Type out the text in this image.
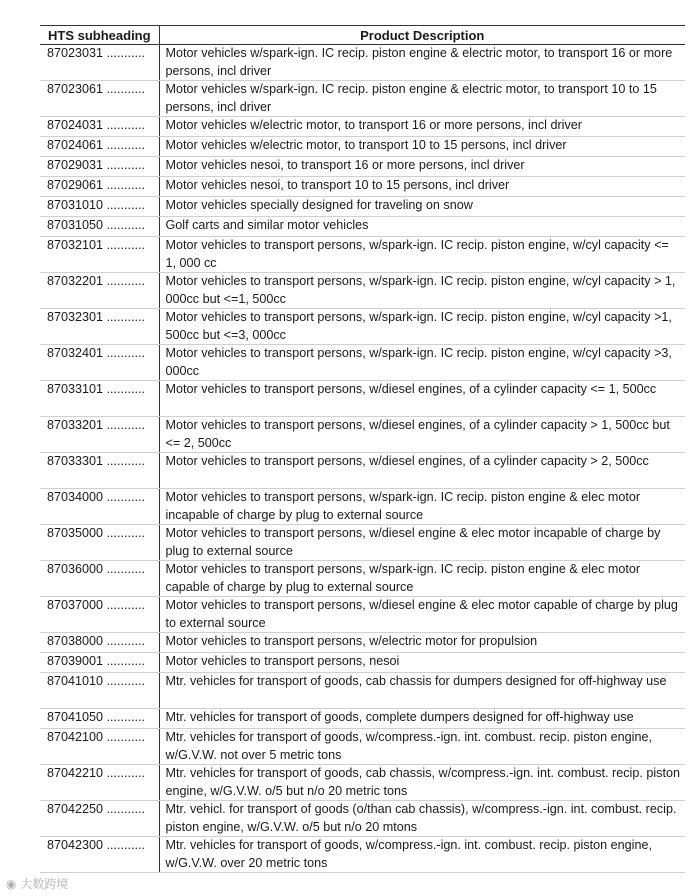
HTS subheading	Product Description
87023031 ...........	Motor vehicles w/spark-ign. IC recip. piston engine & electric motor, to transport 16 or more persons, incl driver
87023061 ...........	Motor vehicles w/spark-ign. IC recip. piston engine & electric motor, to transport 10 to 15 persons, incl driver
87024031 ...........	Motor vehicles w/electric motor, to transport 16 or more persons, incl driver
87024061 ...........	Motor vehicles w/electric motor, to transport 10 to 15 persons, incl driver
87029031 ...........	Motor vehicles nesoi, to transport 16 or more persons, incl driver
87029061 ...........	Motor vehicles nesoi, to transport 10 to 15 persons, incl driver
87031010 ...........	Motor vehicles specially designed for traveling on snow
87031050 ...........	Golf carts and similar motor vehicles
87032101 ...........	Motor vehicles to transport persons, w/spark-ign. IC recip. piston engine, w/cyl capacity <= 1, 000 cc
87032201 ...........	Motor vehicles to transport persons, w/spark-ign. IC recip. piston engine, w/cyl capacity > 1, 000cc but <=1, 500cc
87032301 ...........	Motor vehicles to transport persons, w/spark-ign. IC recip. piston engine, w/cyl capacity >1, 500cc but <=3, 000cc
87032401 ...........	Motor vehicles to transport persons, w/spark-ign. IC recip. piston engine, w/cyl capacity >3, 000cc
87033101 ...........	Motor vehicles to transport persons, w/diesel engines, of a cylinder capacity <= 1, 500cc
87033201 ...........	Motor vehicles to transport persons, w/diesel engines, of a cylinder capacity > 1, 500cc but <= 2, 500cc
87033301 ...........	Motor vehicles to transport persons, w/diesel engines, of a cylinder capacity > 2, 500cc
87034000 ...........	Motor vehicles to transport persons, w/spark-ign. IC recip. piston engine & elec motor incapable of charge by plug to external source
87035000 ...........	Motor vehicles to transport persons, w/diesel engine & elec motor incapable of charge by plug to external source
87036000 ...........	Motor vehicles to transport persons, w/spark-ign. IC recip. piston engine & elec motor capable of charge by plug to external source
87037000 ...........	Motor vehicles to transport persons, w/diesel engine & elec motor capable of charge by plug to external source
87038000 ...........	Motor vehicles to transport persons, w/electric motor for propulsion
87039001 ...........	Motor vehicles to transport persons, nesoi
87041010 ...........	Mtr. vehicles for transport of goods, cab chassis for dumpers designed for off-highway use
87041050 ...........	Mtr. vehicles for transport of goods, complete dumpers designed for off-highway use
87042100 ...........	Mtr. vehicles for transport of goods, w/compress.-ign. int. combust. recip. piston engine, w/G.V.W. not over 5 metric tons
87042210 ...........	Mtr. vehicles for transport of goods, cab chassis, w/compress.-ign. int. combust. recip. piston engine, w/G.V.W. o/5 but n/o 20 metric tons
87042250 ...........	Mtr. vehicl. for transport of goods (o/than cab chassis), w/compress.-ign. int. combust. recip. piston engine, w/G.V.W. o/5 but n/o 20 mtons
87042300 ...........	Mtr. vehicles for transport of goods, w/compress.-ign. int. combust. recip. piston engine, w/G.V.W. over 20 metric tons
◉ 大数跨境
